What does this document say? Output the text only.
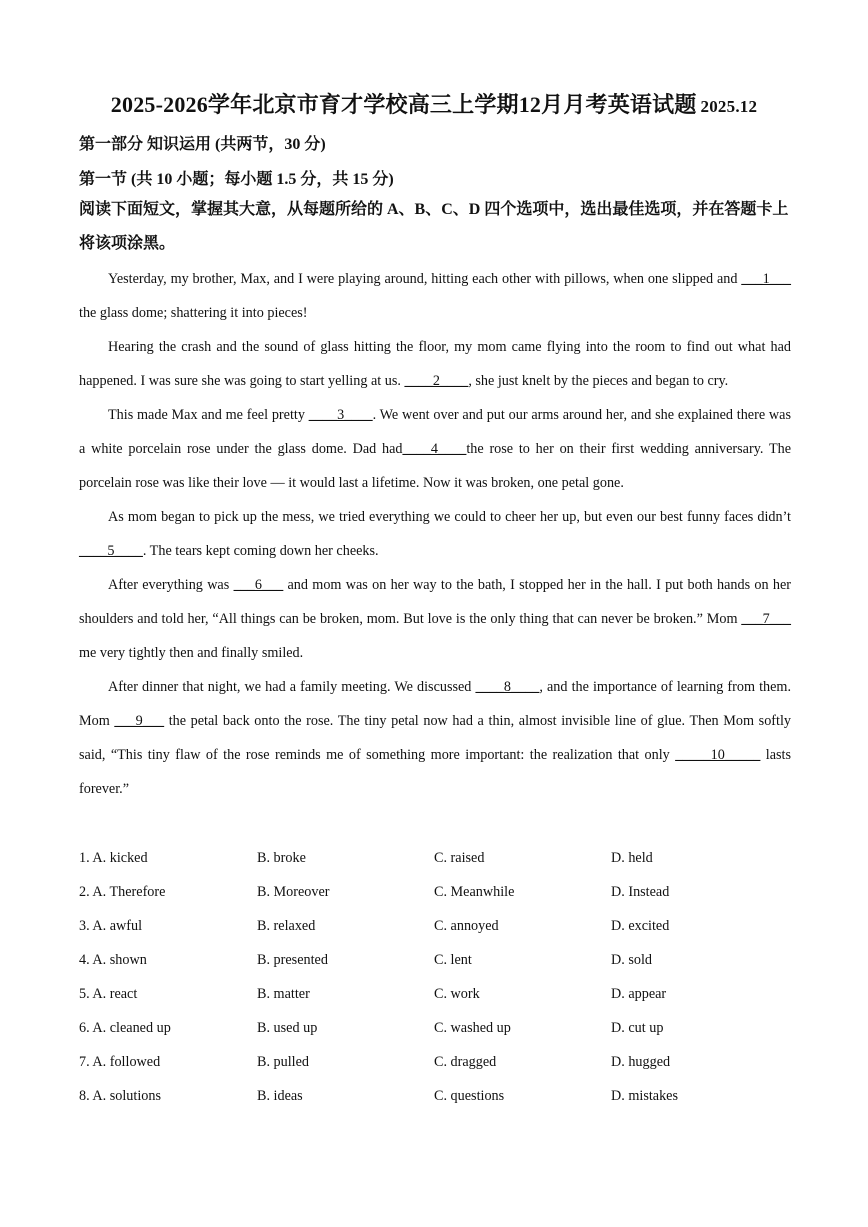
2025-2026学年北京市育才学校高三上学期12月月考英语试题 2025.12
第一部分 知识运用 (共两节，30 分)
第一节 (共 10 小题；每小题 1.5 分，共 15 分)
阅读下面短文，掌握其大意，从每题所给的 A、B、C、D 四个选项中，选出最佳选项，并在答题卡上将该项涂黑。

Yesterday, my brother, Max, and I were playing around, hitting each other with pillows, when one slipped and ___1___ the glass dome; shattering it into pieces!

Hearing the crash and the sound of glass hitting the floor, my mom came flying into the room to find out what had happened. I was sure she was going to start yelling at us. ____2____, she just knelt by the pieces and began to cry.

This made Max and me feel pretty ____3____. We went over and put our arms around her, and she explained there was a white porcelain rose under the glass dome. Dad had____4____the rose to her on their first wedding anniversary. The porcelain rose was like their love — it would last a lifetime. Now it was broken, one petal gone.

As mom began to pick up the mess, we tried everything we could to cheer her up, but even our best funny faces didn’t ____5____. The tears kept coming down her cheeks.

After everything was ___6___ and mom was on her way to the bath, I stopped her in the hall. I put both hands on her shoulders and told her, “All things can be broken, mom. But love is the only thing that can never be broken.” Mom ___7___ me very tightly then and finally smiled.

After dinner that night, we had a family meeting. We discussed ____8____, and the importance of learning from them. Mom ___9___ the petal back onto the rose. The tiny petal now had a thin, almost invisible line of glue. Then Mom softly said, “This tiny flaw of the rose reminds me of something more important: the realization that only _____10_____ lasts forever.”

1. A. kicked	B. broke	C. raised	D. held
2. A. Therefore	B. Moreover	C. Meanwhile	D. Instead
3. A. awful	B. relaxed	C. annoyed	D. excited
4. A. shown	B. presented	C. lent	D. sold
5. A. react	B. matter	C. work	D. appear
6. A. cleaned up	B. used up	C. washed up	D. cut up
7. A. followed	B. pulled	C. dragged	D. hugged
8. A. solutions	B. ideas	C. questions	D. mistakes
